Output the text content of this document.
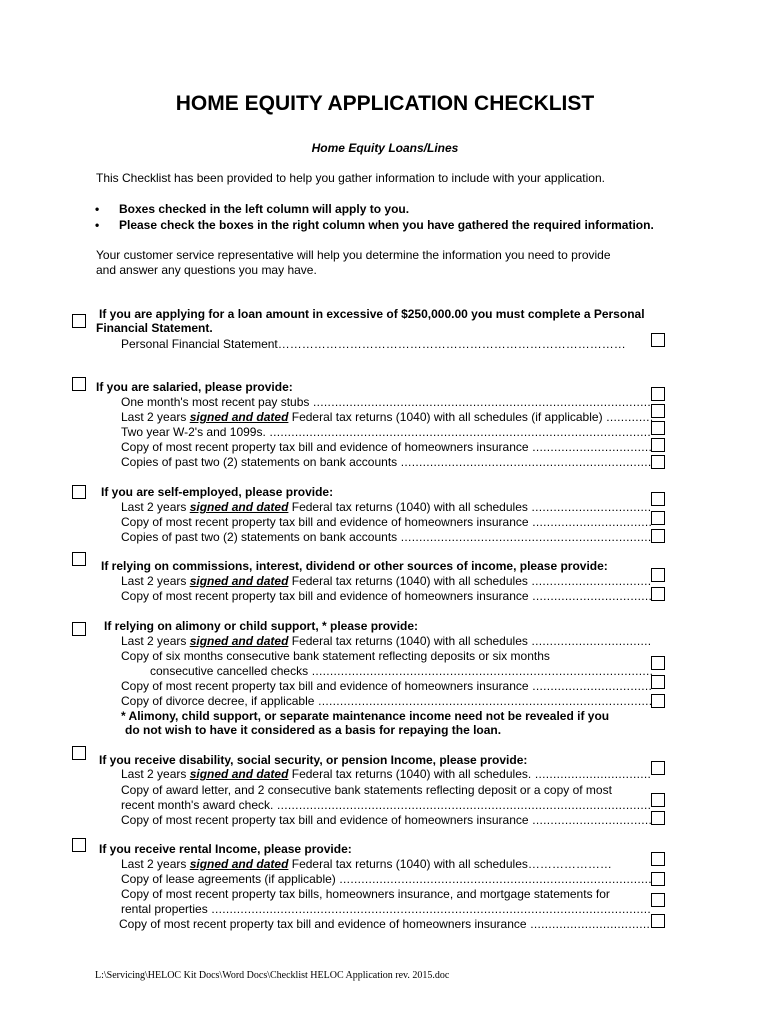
HOME EQUITY APPLICATION CHECKLIST
Home Equity Loans/Lines
This Checklist has been provided to help you gather information to include with your application.
• Boxes checked in the left column will apply to you.
• Please check the boxes in the right column when you have gathered the required information.
Your customer service representative will help you determine the information you need to provide
and answer any questions you may have.
If you are applying for a loan amount in excessive of $250,000.00 you must complete a Personal
Financial Statement.
Personal Financial Statement……………………………………………………………………………
If you are salaried, please provide:
One month's most recent pay stubs .....
Last 2 years signed and dated Federal tax returns (1040) with all schedules (if applicable) .....
Two year W-2's and 1099s. .....
Copy of most recent property tax bill and evidence of homeowners insurance .....
Copies of past two (2) statements on bank accounts .....
If you are self-employed, please provide:
Last 2 years signed and dated Federal tax returns (1040) with all schedules .....
Copy of most recent property tax bill and evidence of homeowners insurance .....
Copies of past two (2) statements on bank accounts .....
If relying on commissions, interest, dividend or other sources of income, please provide:
Last 2 years signed and dated Federal tax returns (1040) with all schedules .....
Copy of most recent property tax bill and evidence of homeowners insurance .....
If relying on alimony or child support, * please provide:
Last 2 years signed and dated Federal tax returns (1040) with all schedules .....
Copy of six months consecutive bank statement reflecting deposits or six months
consecutive cancelled checks .....
Copy of most recent property tax bill and evidence of homeowners insurance .....
Copy of divorce decree, if applicable .....
* Alimony, child support, or separate maintenance income need not be revealed if you
do not wish to have it considered as a basis for repaying the loan.
If you receive disability, social security, or pension Income, please provide:
Last 2 years signed and dated Federal tax returns (1040) with all schedules. .....
Copy of award letter, and 2 consecutive bank statements reflecting deposit or a copy of most
recent month's award check. .....
Copy of most recent property tax bill and evidence of homeowners insurance .....
If you receive rental Income, please provide:
Last 2 years signed and dated Federal tax returns (1040) with all schedules…………………
Copy of lease agreements (if applicable) .....
Copy of most recent property tax bills, homeowners insurance, and mortgage statements for
rental properties .....
Copy of most recent property tax bill and evidence of homeowners insurance .....
L:\Servicing\HELOC Kit Docs\Word Docs\Checklist HELOC Application rev. 2015.doc
